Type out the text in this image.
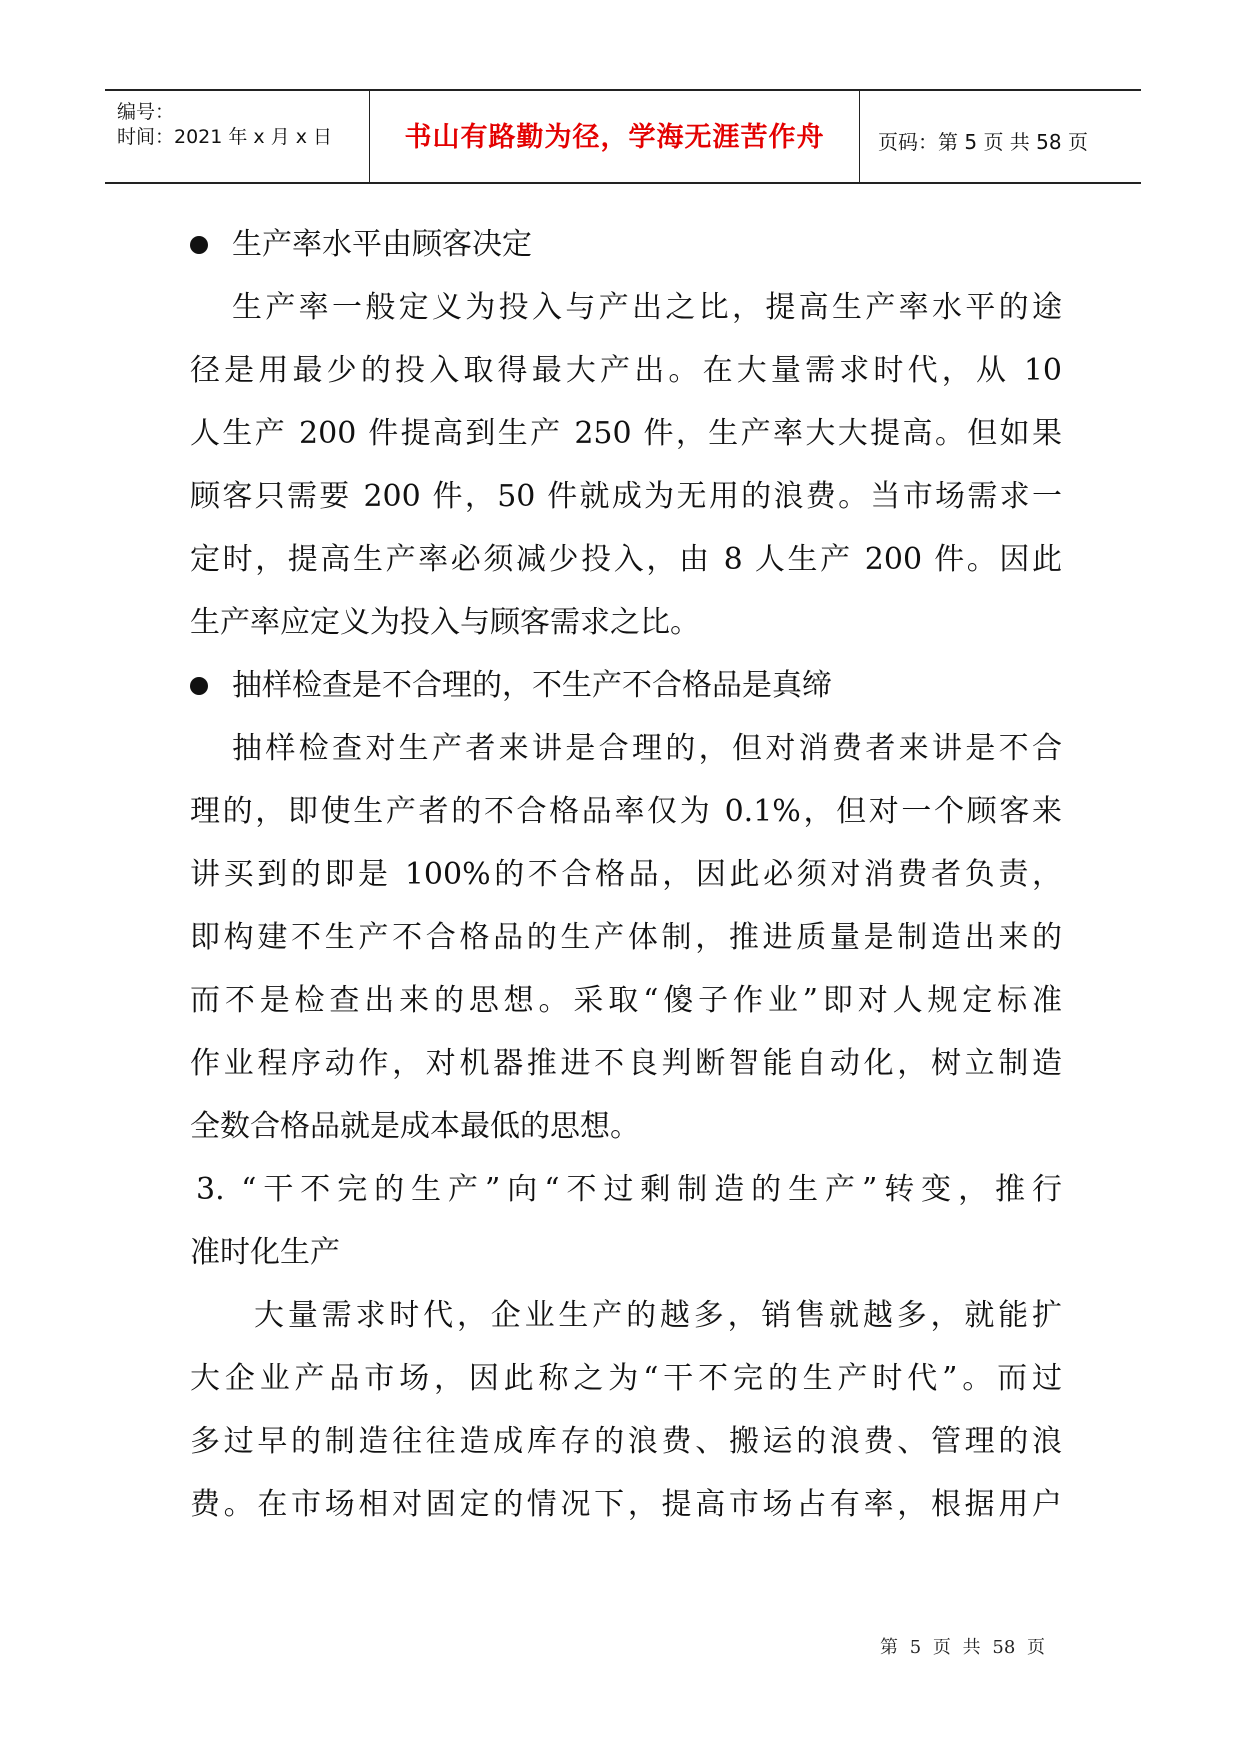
编号：
时间：2021 年 x 月 x 日	书山有路勤为径，学海无涯苦作舟	页码：第 5 页 共 58 页
生产率水平由顾客决定
生产率一般定义为投入与产出之比，提高生产率水平的途
径是用最少的投入取得最大产出。在大量需求时代，从 10
人生产 200 件提高到生产 250 件，生产率大大提高。但如果
顾客只需要 200 件，50 件就成为无用的浪费。当市场需求一
定时，提高生产率必须减少投入，由 8 人生产 200 件。因此
生产率应定义为投入与顾客需求之比。
抽样检查是不合理的，不生产不合格品是真缔
抽样检查对生产者来讲是合理的，但对消费者来讲是不合
理的，即使生产者的不合格品率仅为 0.1%，但对一个顾客来
讲买到的即是 100%的不合格品，因此必须对消费者负责，
即构建不生产不合格品的生产体制，推进质量是制造出来的
而不是检查出来的思想。采取“傻子作业”即对人规定标准
作业程序动作，对机器推进不良判断智能自动化，树立制造
全数合格品就是成本最低的思想。
3. “干不完的生产”向“不过剩制造的生产”转变，推行
准时化生产
大量需求时代，企业生产的越多，销售就越多，就能扩
大企业产品市场，因此称之为“干不完的生产时代”。而过
多过早的制造往往造成库存的浪费、搬运的浪费、管理的浪
费。在市场相对固定的情况下，提高市场占有率，根据用户
第 5 页 共 58 页
